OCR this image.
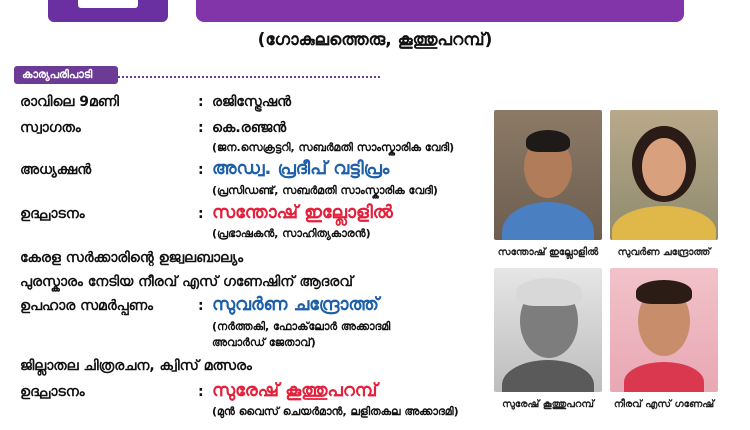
(ഗോകുലത്തെരു, കൂത്തുപറമ്പ്)
കാര്യപരിപാടി
രാവിലെ 9മണി	: രജിസ്ട്രേഷൻ
സ്വാഗതം	: കെ.രഞ്ജൻ
(ജന.സെക്രട്ടറി, സബർമതി സാംസ്കാരിക വേദി)
അധ്യക്ഷൻ	: അഡ്വ. പ്രദീപ് വട്ടിപ്രം
(പ്രസിഡണ്ട്, സബർമതി സാംസ്കാരിക വേദി)
ഉദ്ഘാടനം	: സന്തോഷ് ഇല്ലോളിൽ
(പ്രഭാഷകൻ, സാഹിത്യകാരൻ)
കേരള സർക്കാരിന്റെ ഉജ്വലബാല്യം
പുരസ്കാരം നേടിയ നീരവ് എസ് ഗണേഷിന് ആദരവ്
ഉപഹാര സമർപ്പണം	: സുവർണ ചന്ദ്രോത്ത്
(നർത്തകി, ഫോക്‌ലോർ അക്കാദമി
അവാർഡ് ജേതാവ്)
ജില്ലാതല ചിത്രരചന, ക്വിസ് മത്സരം
ഉദ്ഘാടനം	: സുരേഷ് കൂത്തുപറമ്പ്
(മുൻ വൈസ് ചെയർമാൻ, ലളിതകല അക്കാദമി)
സന്തോഷ് ഇല്ലോളിൽ	സുവർണ ചന്ദ്രോത്ത്
സുരേഷ് കൂത്തുപറമ്പ്	നീരവ് എസ് ഗണേഷ്
